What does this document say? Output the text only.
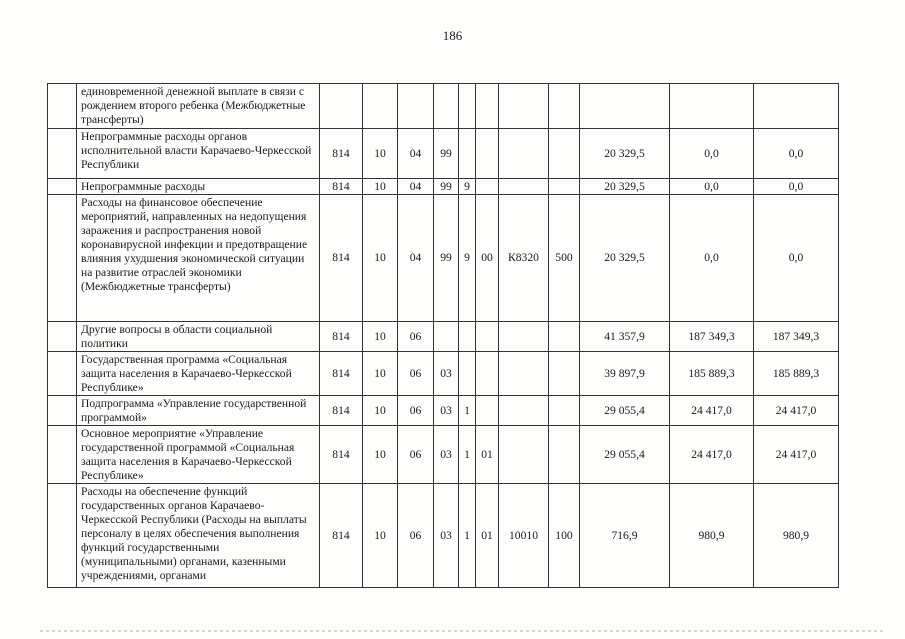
186
	единовременной денежной выплате в связи с рождением второго ребенка (Межбюджетные трансферты)											
	Непрограммные расходы органов исполнительной власти Карачаево-Черкесской Республики	814	10	04	99					20 329,5	0,0	0,0
	Непрограммные расходы	814	10	04	99	9				20 329,5	0,0	0,0
	Расходы на финансовое обеспечение мероприятий, направленных на недопущения заражения и распространения новой коронавирусной инфекции и предотвращение влияния ухудшения экономической ситуации на развитие отраслей экономики (Межбюджетные трансферты)	814	10	04	99	9	00	К8320	500	20 329,5	0,0	0,0
	Другие вопросы в области социальной политики	814	10	06						41 357,9	187 349,3	187 349,3
	Государственная программа «Социальная защита населения в Карачаево-Черкесской Республике»	814	10	06	03					39 897,9	185 889,3	185 889,3
	Подпрограмма «Управление государственной программой»	814	10	06	03	1				29 055,4	24 417,0	24 417,0
	Основное мероприятие «Управление государственной программой «Социальная защита населения в Карачаево-Черкесской Республике»	814	10	06	03	1	01			29 055,4	24 417,0	24 417,0
	Расходы на обеспечение функций государственных органов Карачаево-Черкесской Республики (Расходы на выплаты персоналу в целях обеспечения выполнения функций государственными (муниципальными) органами, казенными учреждениями, органами	814	10	06	03	1	01	10010	100	716,9	980,9	980,9
